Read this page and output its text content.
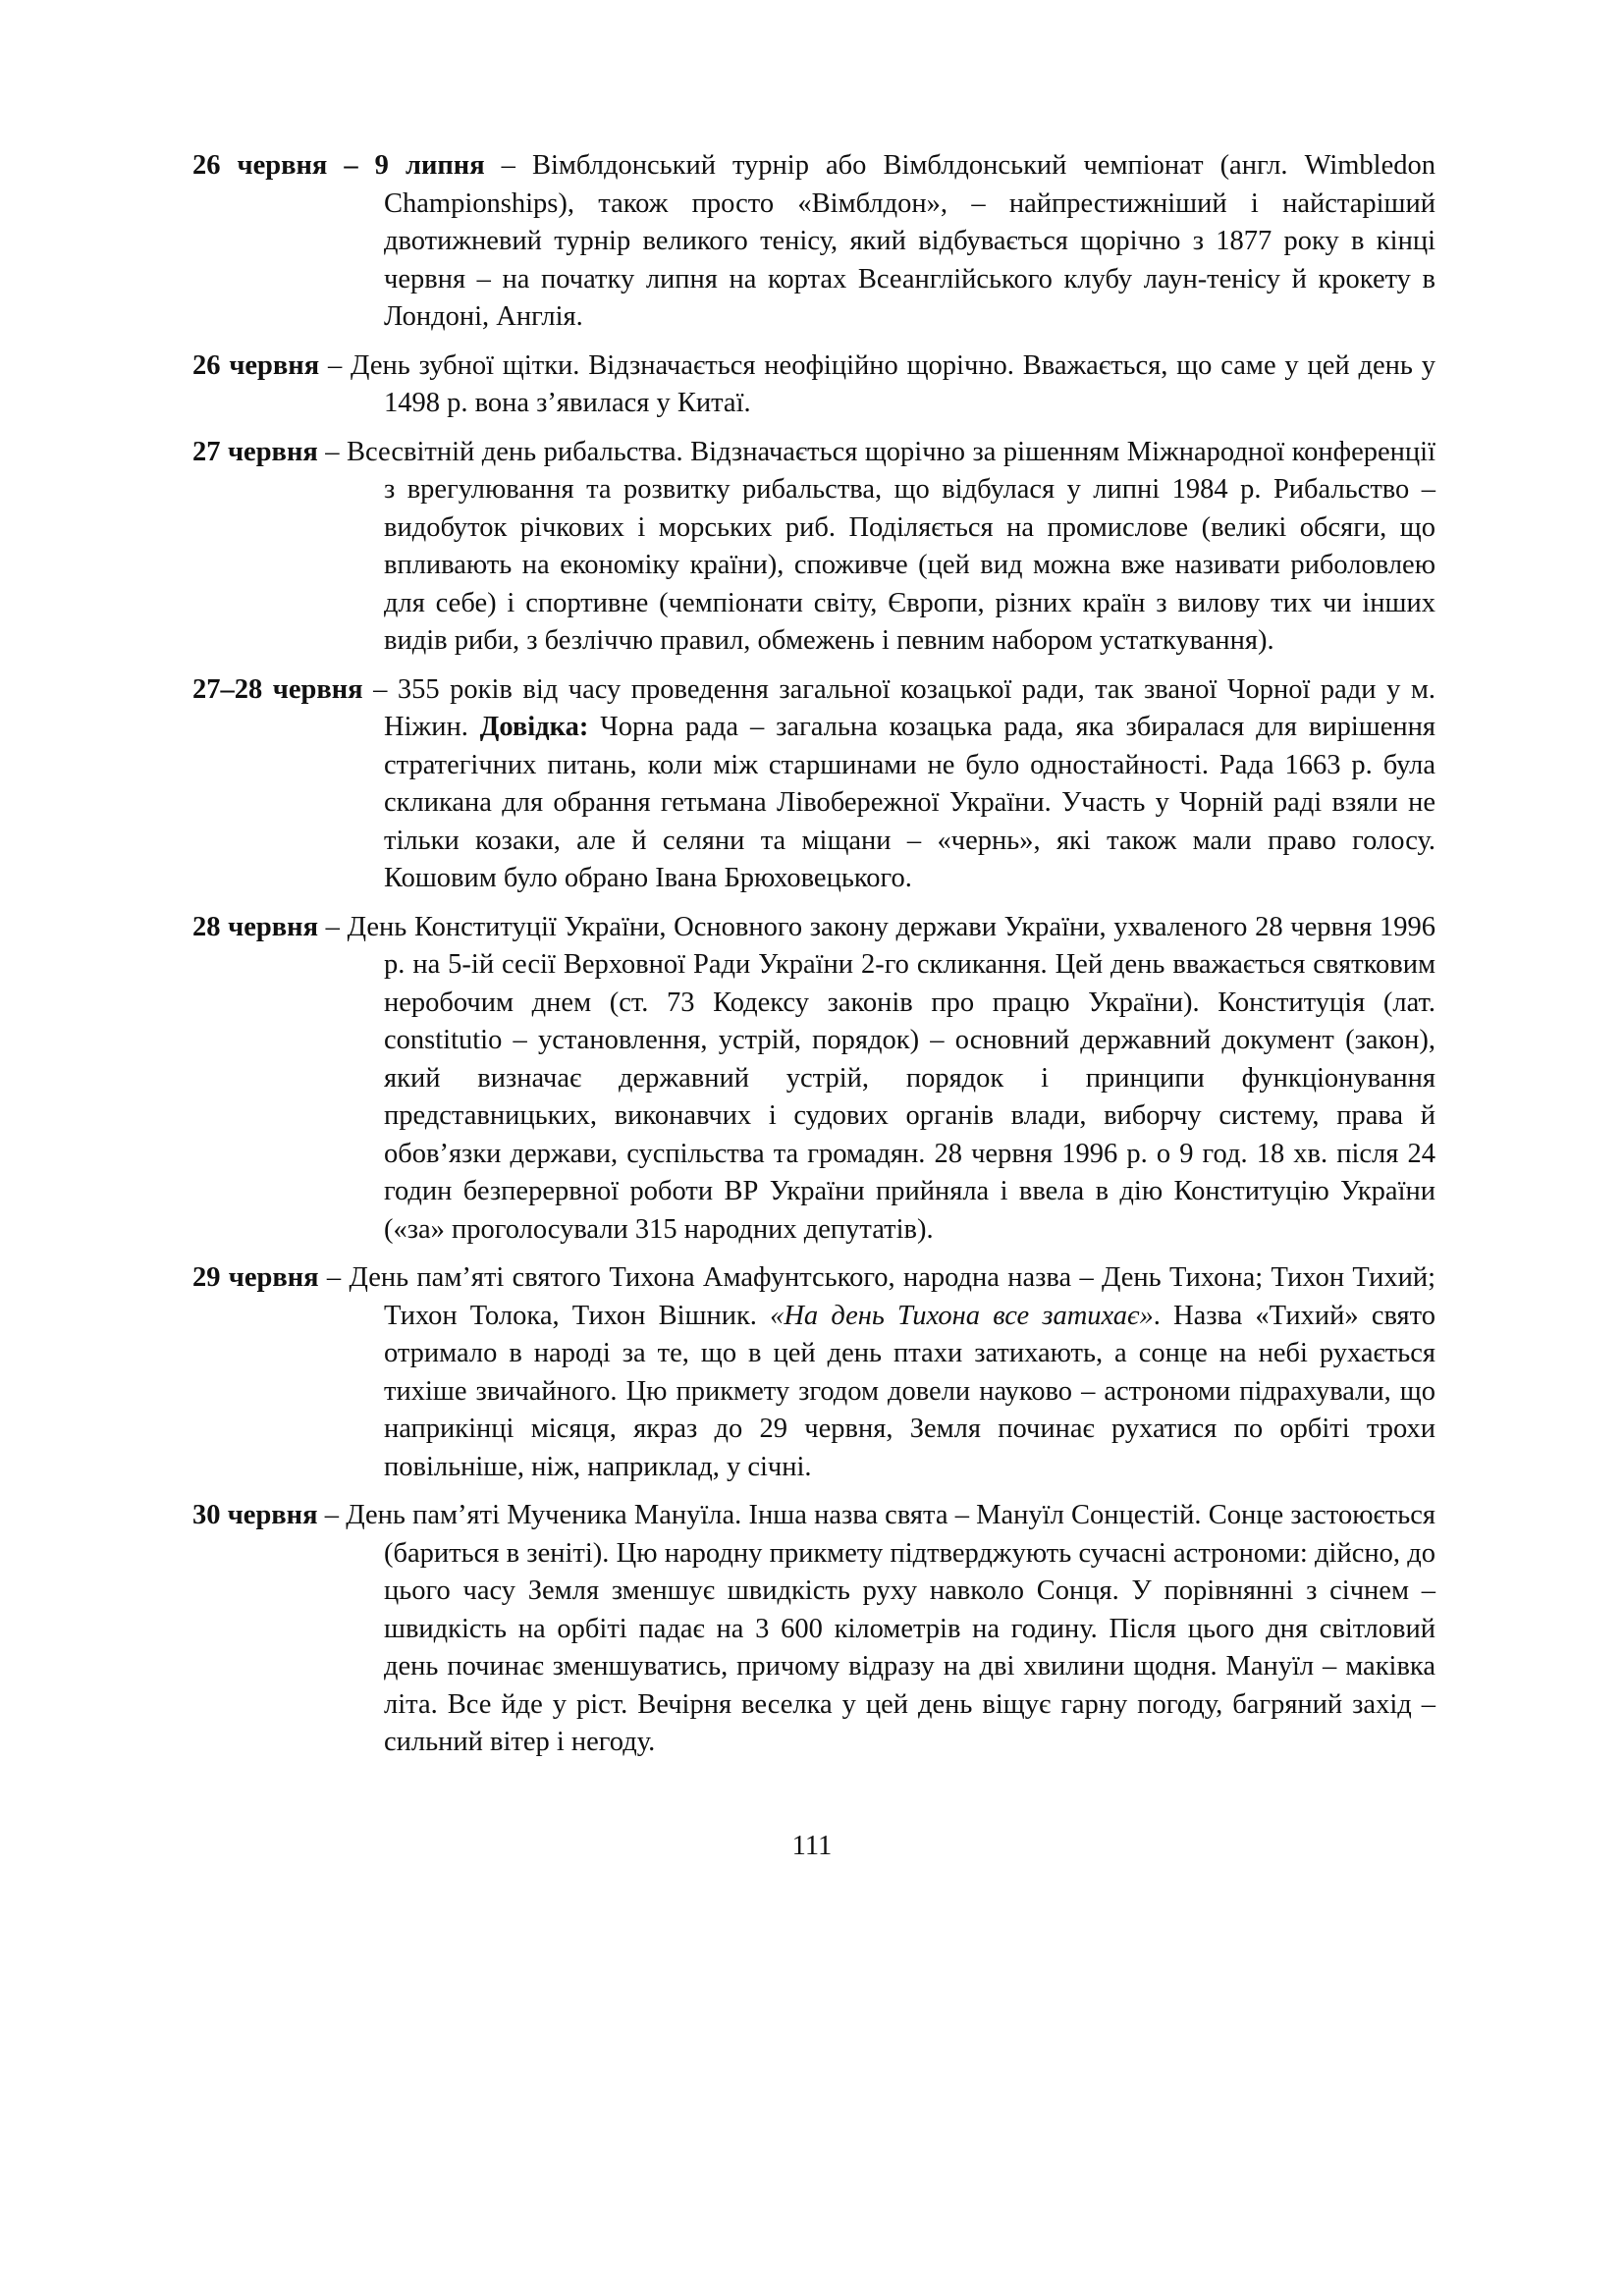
26 червня – 9 липня – Вімблдонський турнір або Вімблдонський чемпіонат (англ. Wimbledon Championships), також просто «Вімблдон», – найпрестижніший і найстаріший двотижневий турнір великого тенісу, який відбувається щорічно з 1877 року в кінці червня – на початку липня на кортах Всеанглійського клубу лаун-тенісу й крокету в Лондоні, Англія.

26 червня – День зубної щітки. Відзначається неофіційно щорічно. Вважається, що саме у цей день у 1498 р. вона з’явилася у Китаї.

27 червня – Всесвітній день рибальства. Відзначається щорічно за рішенням Міжнародної конференції з врегулювання та розвитку рибальства, що відбулася у липні 1984 р. Рибальство – видобуток річкових і морських риб. Поділяється на промислове (великі обсяги, що впливають на економіку країни), споживче (цей вид можна вже називати риболовлею для себе) і спортивне (чемпіонати світу, Європи, різних країн з вилову тих чи інших видів риби, з безліччю правил, обмежень і певним набором устаткування).

27–28 червня – 355 років від часу проведення загальної козацької ради, так званої Чорної ради у м. Ніжин. Довідка: Чорна рада – загальна козацька рада, яка збиралася для вирішення стратегічних питань, коли між старшинами не було одностайності. Рада 1663 р. була скликана для обрання гетьмана Лівобережної України. Участь у Чорній раді взяли не тільки козаки, але й селяни та міщани – «чернь», які також мали право голосу. Кошовим було обрано Івана Брюховецького.

28 червня – День Конституції України, Основного закону держави України, ухваленого 28 червня 1996 р. на 5-ій сесії Верховної Ради України 2-го скликання. Цей день вважається святковим неробочим днем (ст. 73 Кодексу законів про працю України). Конституція (лат. constitutio – установлення, устрій, порядок) – основний державний документ (закон), який визначає державний устрій, порядок і принципи функціонування представницьких, виконавчих і судових органів влади, виборчу систему, права й обов’язки держави, суспільства та громадян. 28 червня 1996 р. о 9 год. 18 хв. після 24 годин безперервної роботи ВР України прийняла і ввела в дію Конституцію України («за» проголосували 315 народних депутатів).

29 червня – День пам’яті святого Тихона Амафунтського, народна назва – День Тихона; Тихон Тихий; Тихон Толока, Тихон Вішник. «На день Тихона все затихає». Назва «Тихий» свято отримало в народі за те, що в цей день птахи затихають, а сонце на небі рухається тихіше звичайного. Цю прикмету згодом довели науково – астрономи підрахували, що наприкінці місяця, якраз до 29 червня, Земля починає рухатися по орбіті трохи повільніше, ніж, наприклад, у січні.

30 червня – День пам’яті Мученика Мануїла. Інша назва свята – Мануїл Сонцестій. Сонце застоюється (бариться в зеніті). Цю народну прикмету підтверджують сучасні астрономи: дійсно, до цього часу Земля зменшує швидкість руху навколо Сонця. У порівнянні з січнем – швидкість на орбіті падає на 3 600 кілометрів на годину. Після цього дня світловий день починає зменшуватись, причому відразу на дві хвилини щодня. Мануїл – маківка літа. Все йде у ріст. Вечірня веселка у цей день віщує гарну погоду, багряний захід – сильний вітер і негоду.

111
